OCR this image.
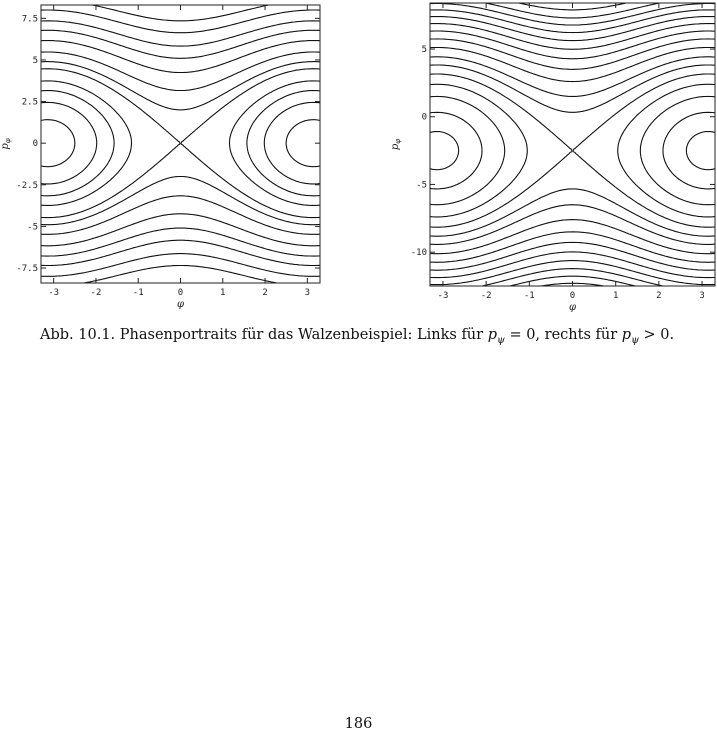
-3	-2	-1	0	1	2	3
-7.5
-5
-2.5
0
2.5
5
7.5
φ
$p_\varphi$
-3	-2	-1	0	1	2	3
-10
-5
0
5
φ
$p_\varphi$
Abb. 10.1. Phasenportraits für das Walzenbeispiel: Links für $p_\psi = 0$, rechts für $p_\psi > 0$.
186
